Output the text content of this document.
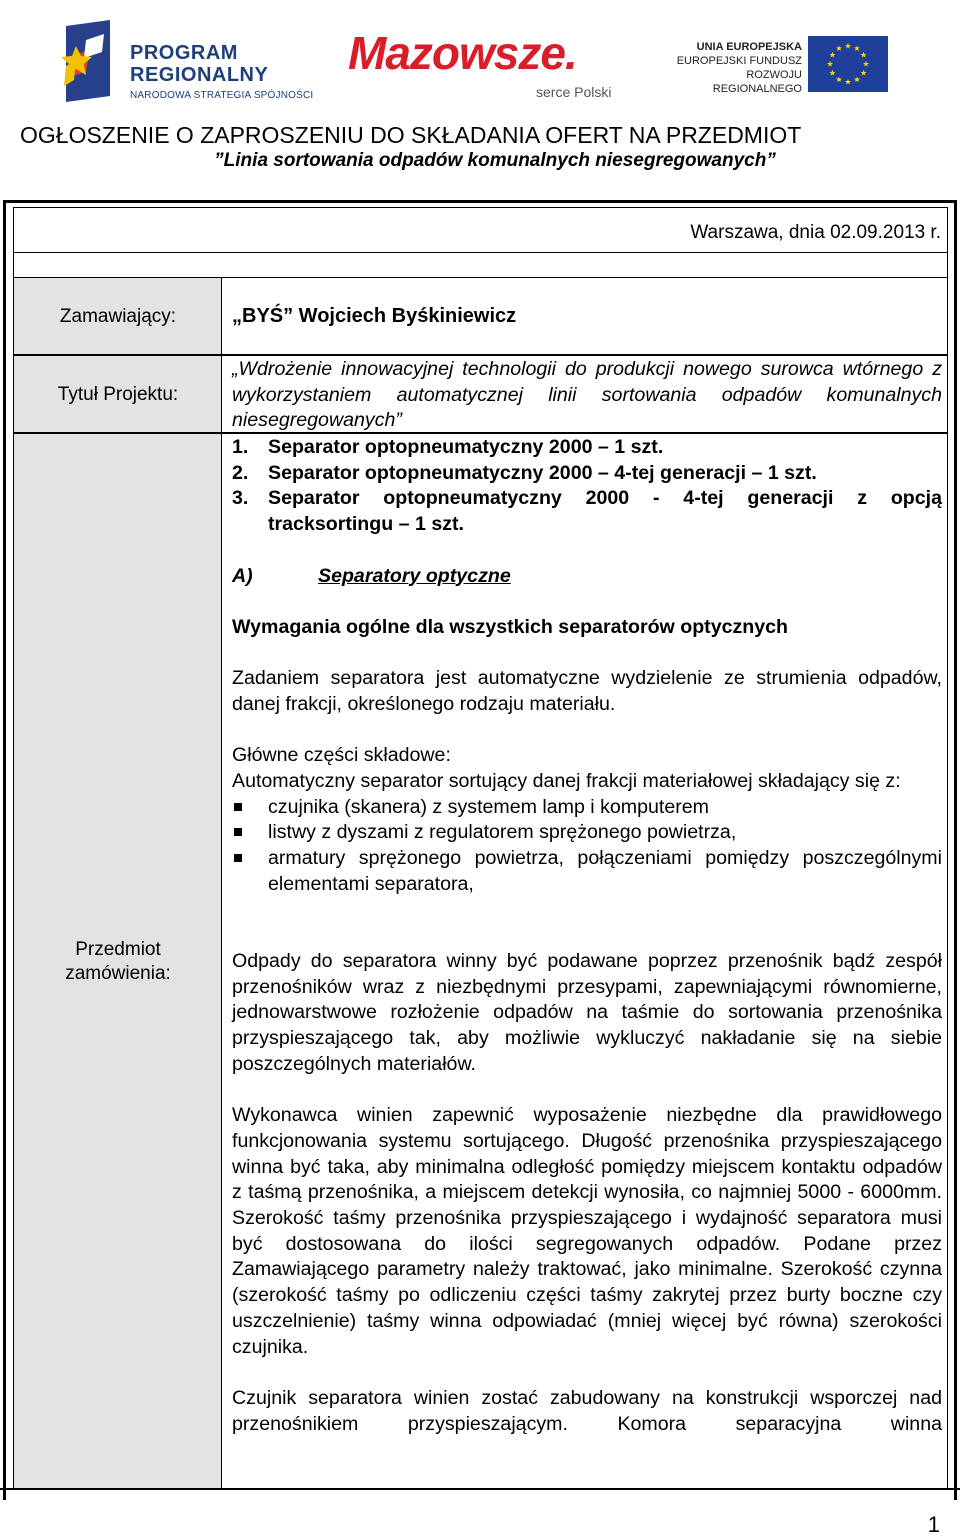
PROGRAM
REGIONALNY
NARODOWA STRATEGIA SPÓJNOŚCI
Mazowsze.
serce Polski
UNIA EUROPEJSKA
EUROPEJSKI FUNDUSZ
ROZWOJU REGIONALNEGO
OGŁOSZENIE O ZAPROSZENIU DO SKŁADANIA OFERT NA PRZEDMIOT
”Linia sortowania odpadów komunalnych niesegregowanych”
Warszawa, dnia 02.09.2013 r.
Zamawiający:	„BYŚ” Wojciech Byśkiniewicz
Tytuł Projektu:
„Wdrożenie innowacyjnej technologii do produkcji nowego surowca wtórnego z wykorzystaniem automatycznej linii sortowania odpadów komunalnych niesegregowanych”
Przedmiot
zamówienia:
1. Separator optopneumatyczny 2000 – 1 szt.
2. Separator optopneumatyczny 2000 – 4-tej generacji – 1 szt.
3. Separator optopneumatyczny 2000 - 4-tej generacji z opcją tracksortingu – 1 szt.
A)	Separatory optyczne
Wymagania ogólne dla wszystkich separatorów optycznych
Zadaniem separatora jest automatyczne wydzielenie ze strumienia odpadów, danej frakcji, określonego rodzaju materiału.
Główne części składowe:
Automatyczny separator sortujący danej frakcji materiałowej składający się z:
czujnika (skanera) z systemem lamp i komputerem
listwy z dyszami z regulatorem sprężonego powietrza,
armatury sprężonego powietrza, połączeniami pomiędzy poszczególnymi elementami separatora,
Odpady do separatora winny być podawane poprzez przenośnik bądź zespół przenośników wraz z niezbędnymi przesypami, zapewniającymi równomierne, jednowarstwowe rozłożenie odpadów na taśmie do sortowania przenośnika przyspieszającego tak, aby możliwie wykluczyć nakładanie się na siebie poszczególnych materiałów.
Wykonawca winien zapewnić wyposażenie niezbędne dla prawidłowego funkcjonowania systemu sortującego. Długość przenośnika przyspieszającego winna być taka, aby minimalna odległość pomiędzy miejscem kontaktu odpadów z taśmą przenośnika, a miejscem detekcji wynosiła, co najmniej 5000 - 6000mm. Szerokość taśmy przenośnika przyspieszającego i wydajność separatora musi być dostosowana do ilości segregowanych odpadów. Podane przez Zamawiającego parametry należy traktować, jako minimalne. Szerokość czynna (szerokość taśmy po odliczeniu części taśmy zakrytej przez burty boczne czy uszczelnienie) taśmy winna odpowiadać (mniej więcej być równa) szerokości czujnika.
Czujnik separatora winien zostać zabudowany na konstrukcji wsporczej nad przenośnikiem przyspieszającym. Komora separacyjna winna
1
